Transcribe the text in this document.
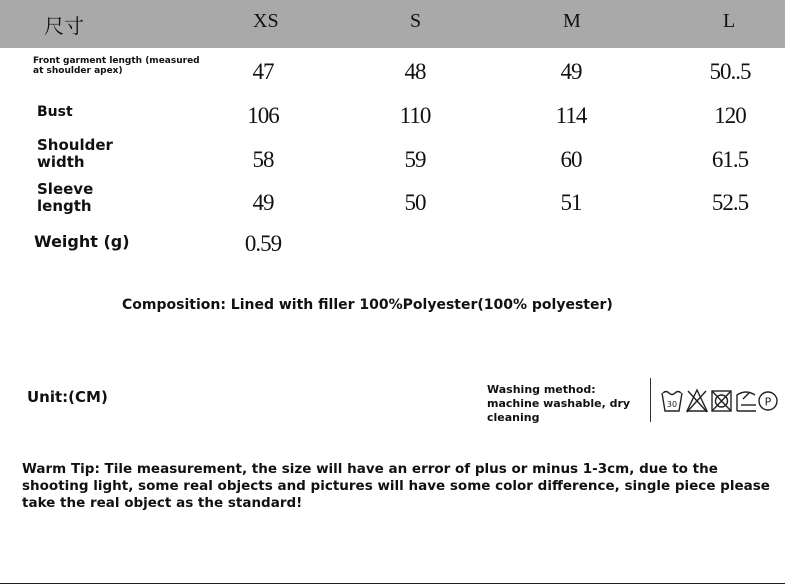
尺寸	XS	S	M	L
Front garment length (measured at shoulder apex)	47	48	49	50..5
Bust	106	110	114	120
Shoulder width	58	59	60	61.5
Sleeve length	49	50	51	52.5
Weight (g)	0.59
Composition: Lined with filler 100%Polyester(100% polyester)
Unit:(CM)	Washing method: machine washable, dry cleaning
30	P
Warm Tip: Tile measurement, the size will have an error of plus or minus 1-3cm, due to the shooting light, some real objects and pictures will have some color difference, single piece please take the real object as the standard!
